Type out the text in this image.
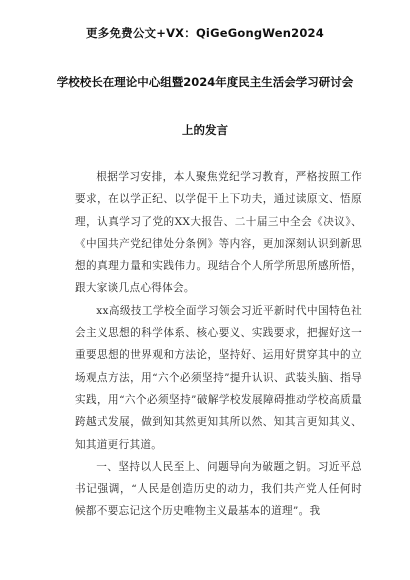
更多免费公文+VX：QiGeGongWen2024
学校校长在理论中心组暨2024年度民主生活会学习研讨会
上的发言

根据学习安排，本人聚焦党纪学习教育，严格按照工作要求，在以学正纪、以学促干上下功夫，通过读原文、悟原理，认真学习了党的XX大报告、二十届三中全会《决议》、《中国共产党纪律处分条例》等内容，更加深刻认识到新思想的真理力量和实践伟力。现结合个人所学所思所感所悟，跟大家谈几点心得体会。

xx高级技工学校全面学习领会习近平新时代中国特色社会主义思想的科学体系、核心要义、实践要求，把握好这一重要思想的世界观和方法论，坚持好、运用好贯穿其中的立场观点方法，用“六个必须坚持”提升认识、武装头脑、指导实践，用“六个必须坚持”破解学校发展障碍推动学校高质量跨越式发展，做到知其然更知其所以然、知其言更知其义、知其道更行其道。

一、坚持以人民至上、问题导向为破题之钥。习近平总书记强调，“人民是创造历史的动力，我们共产党人任何时候都不要忘记这个历史唯物主义最基本的道理”。我
